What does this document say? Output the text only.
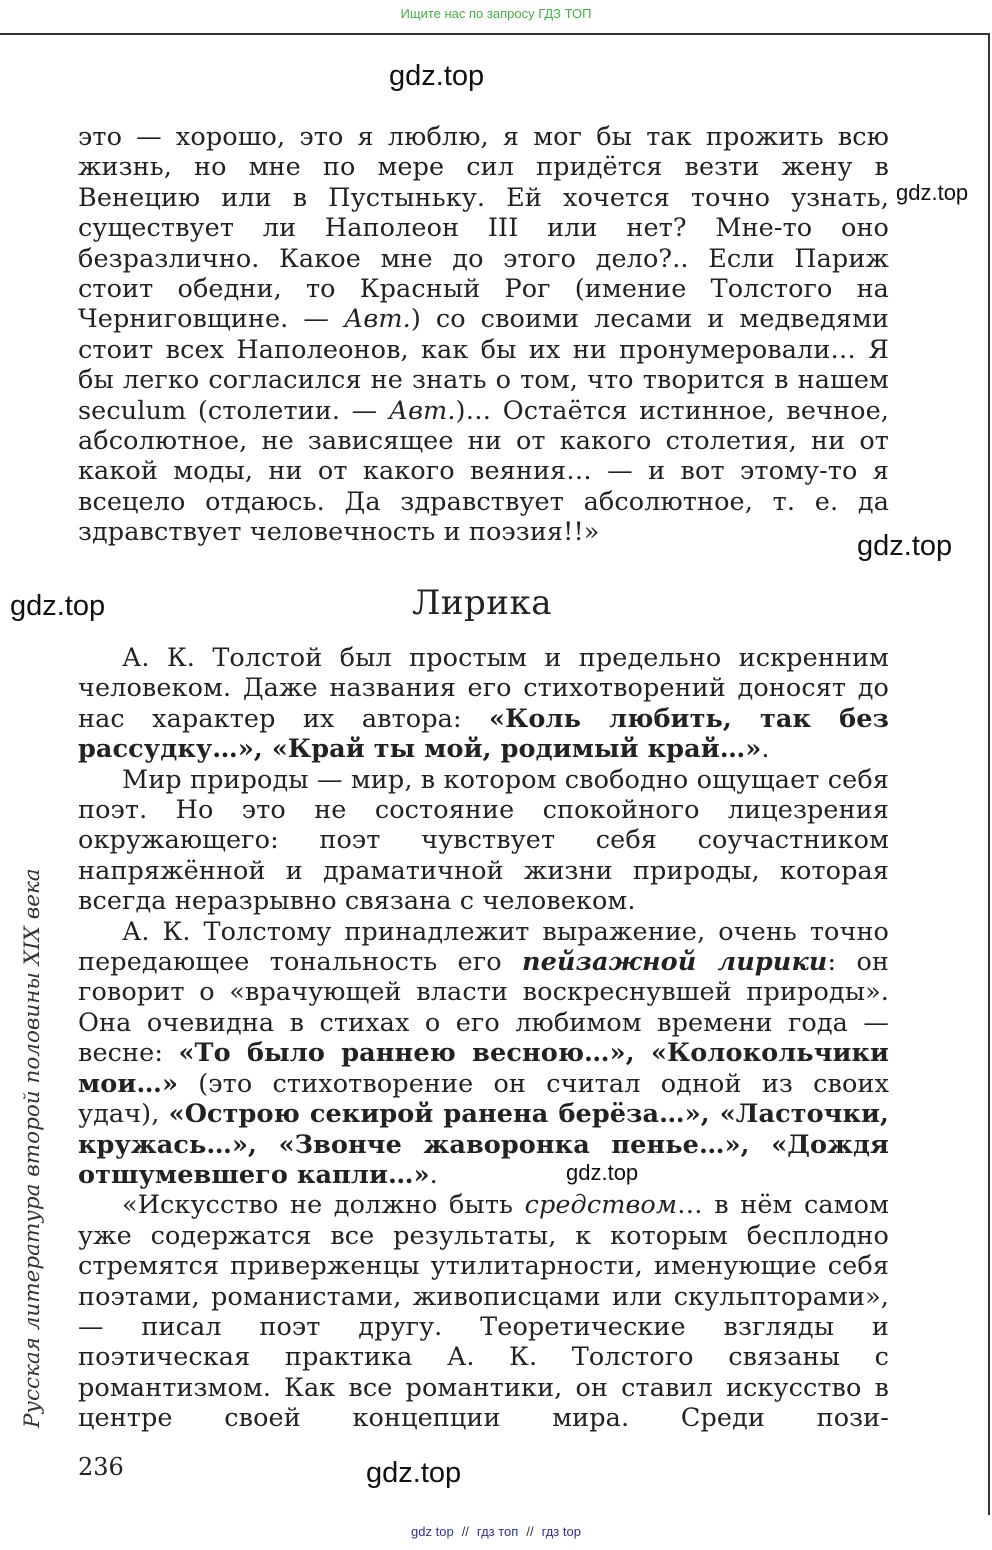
Ищите нас по запросу ГДЗ ТОП
gdz.top
gdz.top
gdz.top
gdz.top
gdz.top
gdz.top

это — хорошо, это я люблю, я мог бы так прожить всю жизнь, но мне по мере сил придётся везти жену в Венецию или в Пустыньку. Ей хочется точно узнать, существует ли Наполеон III или нет? Мне-то оно безразлично. Какое мне до этого дело?.. Если Париж стоит обедни, то Красный Рог (имение Толстого на Черниговщине. — Авт.) со своими лесами и медведями стоит всех Наполеонов, как бы их ни пронумеровали… Я бы легко согласился не знать о том, что творится в нашем seculum (столетии. — Авт.)… Остаётся истинное, вечное, абсолютное, не зависящее ни от какого столетия, ни от какой моды, ни от какого веяния… — и вот этому-то я всецело отдаюсь. Да здравствует абсолютное, т. е. да здравствует человечность и поэзия!!»

Лирика

А. К. Толстой был простым и предельно искренним человеком. Даже названия его стихотворений доносят до нас характер их автора: «Коль любить, так без рассудку…», «Край ты мой, родимый край…».

Мир природы — мир, в котором свободно ощущает себя поэт. Но это не состояние спокойного лицезрения окружающего: поэт чувствует себя соучастником напряжённой и драматичной жизни природы, которая всегда неразрывно связана с человеком.

А. К. Толстому принадлежит выражение, очень точно передающее тональность его пейзажной лирики: он говорит о «врачующей власти воскреснувшей природы». Она очевидна в стихах о его любимом времени года — весне: «То было раннею весною…», «Колокольчики мои…» (это стихотворение он считал одной из своих удач), «Острою секирой ранена берёза…», «Ласточки, кружась…», «Звонче жаворонка пенье…», «Дождя отшумевшего капли…».

«Искусство не должно быть средством… в нём самом уже содержатся все результаты, к которым бесплодно стремятся приверженцы утилитарности, именующие себя поэтами, романистами, живописцами или скульпторами», — писал поэт другу. Теоретические взгляды и поэтическая практика А. К. Толстого связаны с романтизмом. Как все романтики, он ставил искусство в центре своей концепции мира. Среди пози-

Русская литература второй половины XIX века
236
gdz top // гдз топ // гдз top
